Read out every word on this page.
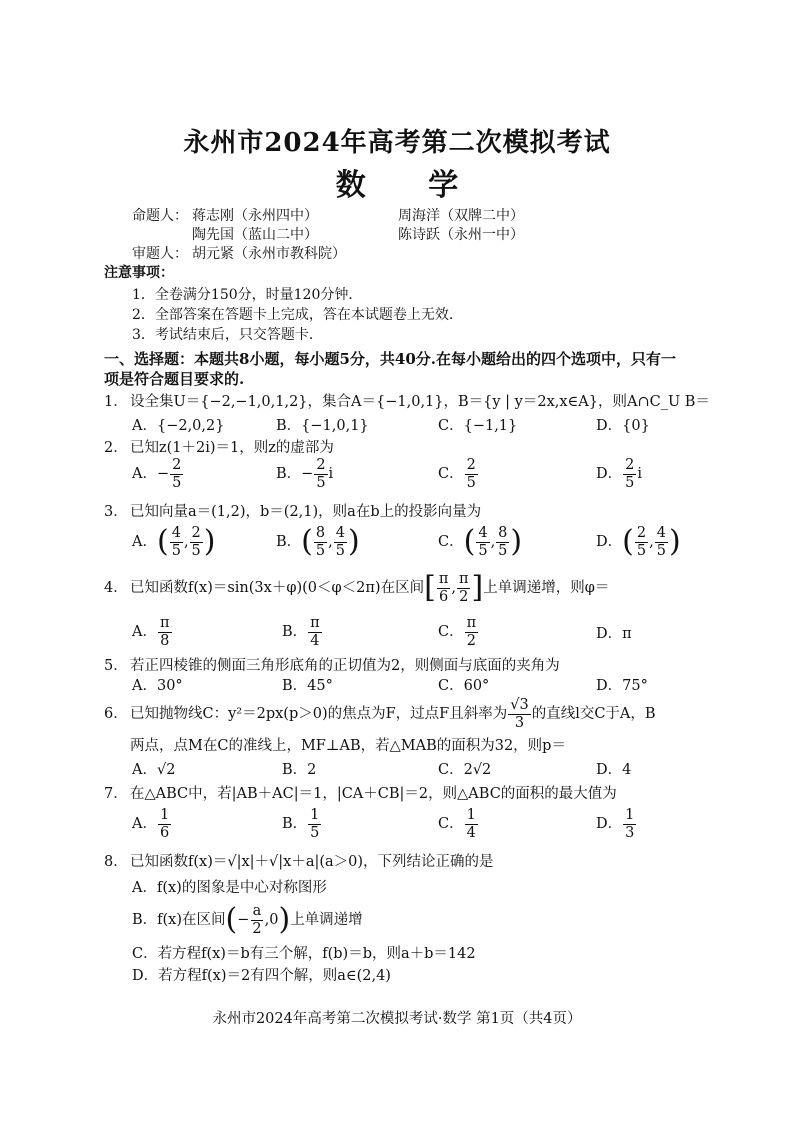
永州市2024年高考第二次模拟考试
数 学
命题人： 蒋志刚（永州四中）	周海洋（双牌二中）
陶先国（蓝山二中）	陈诗跃（永州一中）
审题人： 胡元紧（永州市教科院）
注意事项：
1．全卷满分150分，时量120分钟．
2．全部答案在答题卡上完成，答在本试题卷上无效．
3．考试结束后，只交答题卡．
一、选择题：本题共8小题，每小题5分，共40分.在每小题给出的四个选项中，只有一
项是符合题目要求的.
1． 设全集U＝{−2,−1,0,1,2}，集合A＝{−1,0,1}，B＝{y | y＝2x,x∈A}，则A∩C_U B＝
A．{−2,0,2}	B．{−1,0,1}	C．{−1,1}	D．{0}
2． 已知z(1＋2i)＝1，则z的虚部为
A．− $\frac{2}{5}$	B．− $\frac{2}{5}$ i	C． $\frac{2}{5}$	D． $\frac{2}{5}$ i
3． 已知向量a＝(1,2)，b＝(2,1)，则a在b上的投影向量为
A．( $\frac{4}{5}$ , $\frac{2}{5}$ )	B．( $\frac{8}{5}$ , $\frac{4}{5}$ )	C．( $\frac{4}{5}$ , $\frac{8}{5}$ )	D．( $\frac{2}{5}$ , $\frac{4}{5}$ )
4． 已知函数f(x)＝sin(3x＋φ)(0＜φ＜2π)在区间[ $\frac{\pi}{6}$ , $\frac{\pi}{2}$ ]上单调递增，则φ＝
A． $\frac{\pi}{8}$	B． $\frac{\pi}{4}$	C． $\frac{\pi}{2}$	D．π
5． 若正四棱锥的侧面三角形底角的正切值为2，则侧面与底面的夹角为
A．30°	B．45°	C．60°	D．75°
6． 已知抛物线C：y²＝2px(p＞0)的焦点为F，过点F且斜率为 $\frac{√3}{3}$ 的直线l交C于A，B
两点，点M在C的准线上，MF⊥AB，若△MAB的面积为32，则p＝
A．√2	B．2	C．2√2	D．4
7． 在△ABC中，若|AB＋AC|＝1，|CA＋CB|＝2，则△ABC的面积的最大值为
A． $\frac{1}{6}$	B． $\frac{1}{5}$	C． $\frac{1}{4}$	D． $\frac{1}{3}$
8． 已知函数f(x)＝√|x|＋√|x＋a|(a＞0)，下列结论正确的是
A．f(x)的图象是中心对称图形
B．f(x)在区间(− $\frac{a}{2} ,0$)上单调递增
C．若方程f(x)＝b有三个解，f(b)＝b，则a＋b＝142
D．若方程f(x)＝2有四个解，则a∈(2,4)
永州市2024年高考第二次模拟考试·数学 第1页（共4页）
